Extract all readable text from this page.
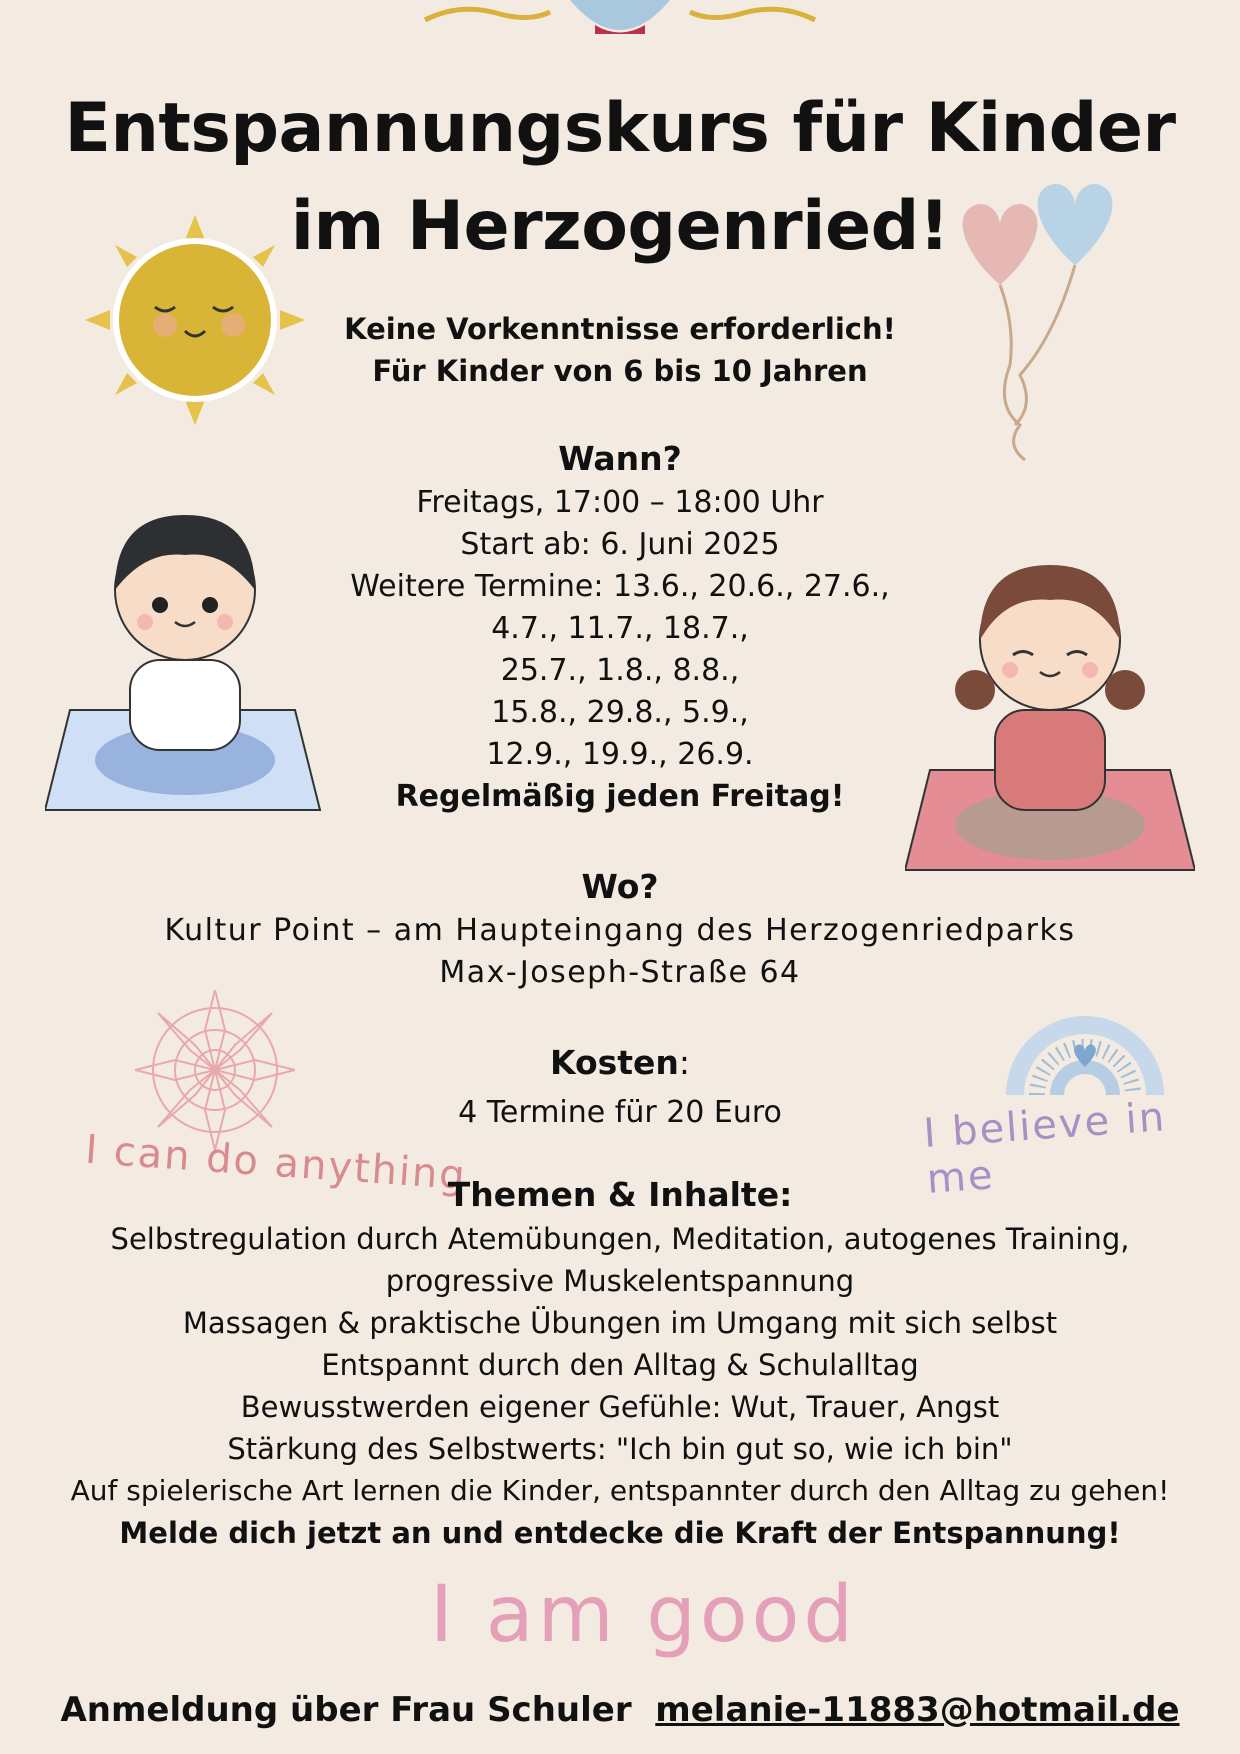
Entspannungskurs für Kinder im Herzogenried!
I can do anything
I believe in me
Keine Vorkenntnisse erforderlich!
Für Kinder von 6 bis 10 Jahren
Wann?
Freitags, 17:00 – 18:00 Uhr
Start ab: 6. Juni 2025
Weitere Termine: 13.6., 20.6., 27.6.,
4.7., 11.7., 18.7.,
25.7., 1.8., 8.8.,
15.8., 29.8., 5.9.,
12.9., 19.9., 26.9.
Regelmäßig jeden Freitag!
Wo?
Kultur Point – am Haupteingang des Herzogenriedparks
Max-Joseph-Straße 64
Kosten:
4 Termine für 20 Euro
Themen & Inhalte:
Selbstregulation durch Atemübungen, Meditation, autogenes Training,
progressive Muskelentspannung
Massagen & praktische Übungen im Umgang mit sich selbst
Entspannt durch den Alltag & Schulalltag
Bewusstwerden eigener Gefühle: Wut, Trauer, Angst
Stärkung des Selbstwerts: "Ich bin gut so, wie ich bin"
Auf spielerische Art lernen die Kinder, entspannter durch den Alltag zu gehen!
Melde dich jetzt an und entdecke die Kraft der Entspannung!
I am good
Anmeldung über Frau Schuler melanie-11883@hotmail.de
